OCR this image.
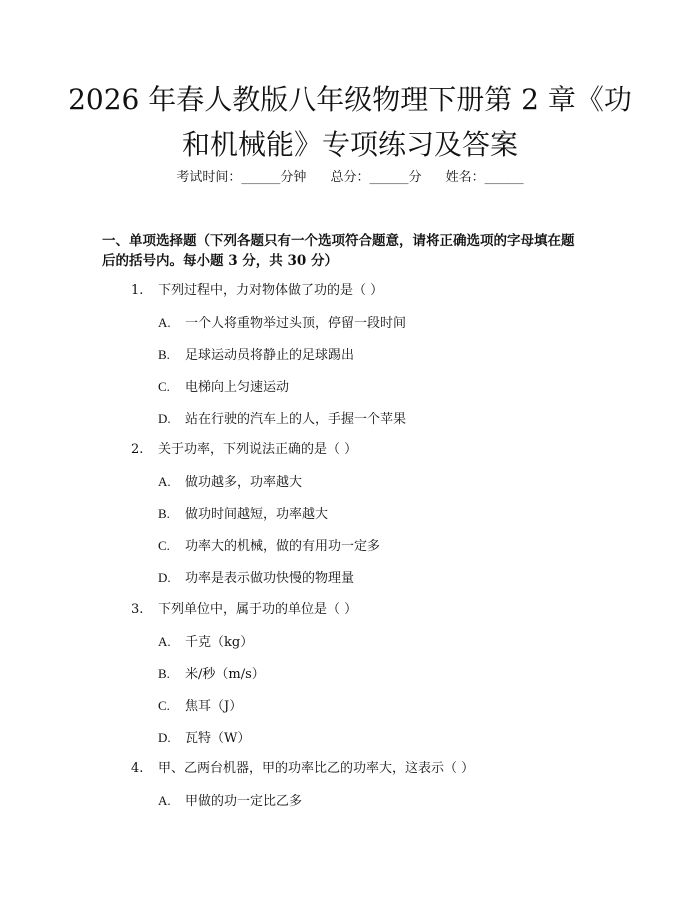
2026 年春人教版八年级物理下册第 2 章《功
和机械能》专项练习及答案
考试时间：______分钟 总分：______分 姓名：______
一、单项选择题（下列各题只有一个选项符合题意，请将正确选项的字母填在题
后的括号内。每小题 3 分，共 30 分）
1. 下列过程中，力对物体做了功的是（ ）
A. 一个人将重物举过头顶，停留一段时间
B. 足球运动员将静止的足球踢出
C. 电梯向上匀速运动
D. 站在行驶的汽车上的人，手握一个苹果
2. 关于功率，下列说法正确的是（ ）
A. 做功越多，功率越大
B. 做功时间越短，功率越大
C. 功率大的机械，做的有用功一定多
D. 功率是表示做功快慢的物理量
3. 下列单位中，属于功的单位是（ ）
A. 千克（kg）
B. 米/秒（m/s）
C. 焦耳（J）
D. 瓦特（W）
4. 甲、乙两台机器，甲的功率比乙的功率大，这表示（ ）
A. 甲做的功一定比乙多
